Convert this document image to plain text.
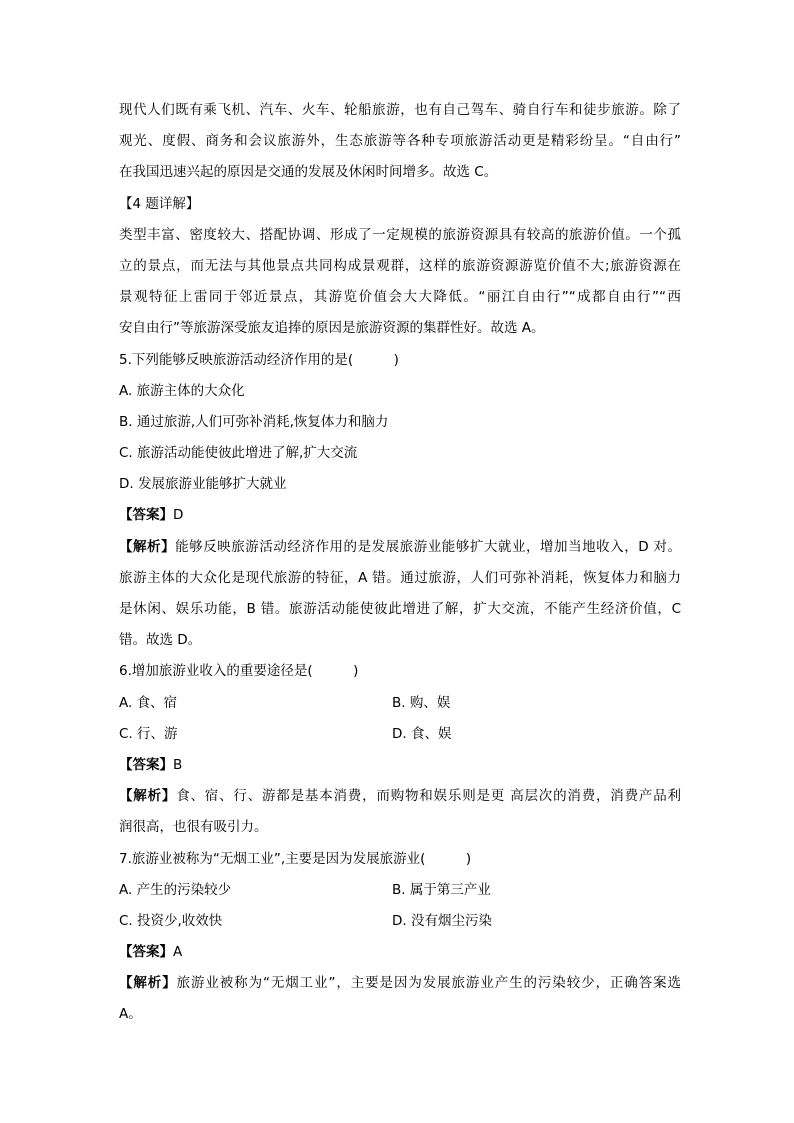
现代人们既有乘飞机、汽车、火车、轮船旅游，也有自己驾车、骑自行车和徒步旅游。除了
观光、度假、商务和会议旅游外，生态旅游等各种专项旅游活动更是精彩纷呈。“自由行”
在我国迅速兴起的原因是交通的发展及休闲时间增多。故选 C。
【4 题详解】
类型丰富、密度较大、搭配协调、形成了一定规模的旅游资源具有较高的旅游价值。一个孤
立的景点，而无法与其他景点共同构成景观群，这样的旅游资源游览价值不大;旅游资源在
景观特征上雷同于邻近景点，其游览价值会大大降低。“丽江自由行”“成都自由行”“西
安自由行”等旅游深受旅友追捧的原因是旅游资源的集群性好。故选 A。
5.下列能够反映旅游活动经济作用的是(　　　)
A. 旅游主体的大众化
B. 通过旅游,人们可弥补消耗,恢复体力和脑力
C. 旅游活动能使彼此增进了解,扩大交流
D. 发展旅游业能够扩大就业
【答案】D
【解析】能够反映旅游活动经济作用的是发展旅游业能够扩大就业，增加当地收入，D 对。
旅游主体的大众化是现代旅游的特征，A 错。通过旅游，人们可弥补消耗，恢复体力和脑力
是休闲、娱乐功能，B 错。旅游活动能使彼此增进了解，扩大交流，不能产生经济价值，C
错。故选 D。
6.增加旅游业收入的重要途径是(　　　)
A. 食、宿	B. 购、娱
C. 行、游	D. 食、娱
【答案】B
【解析】食、宿、行、游都是基本消费，而购物和娱乐则是更 高层次的消费，消费产品利
润很高，也很有吸引力。
7.旅游业被称为“无烟工业”,主要是因为发展旅游业(　　　)
A. 产生的污染较少	B. 属于第三产业
C. 投资少,收效快	D. 没有烟尘污染
【答案】A
【解析】旅游业被称为“无烟工业”，主要是因为发展旅游业产生的污染较少，正确答案选
A。
